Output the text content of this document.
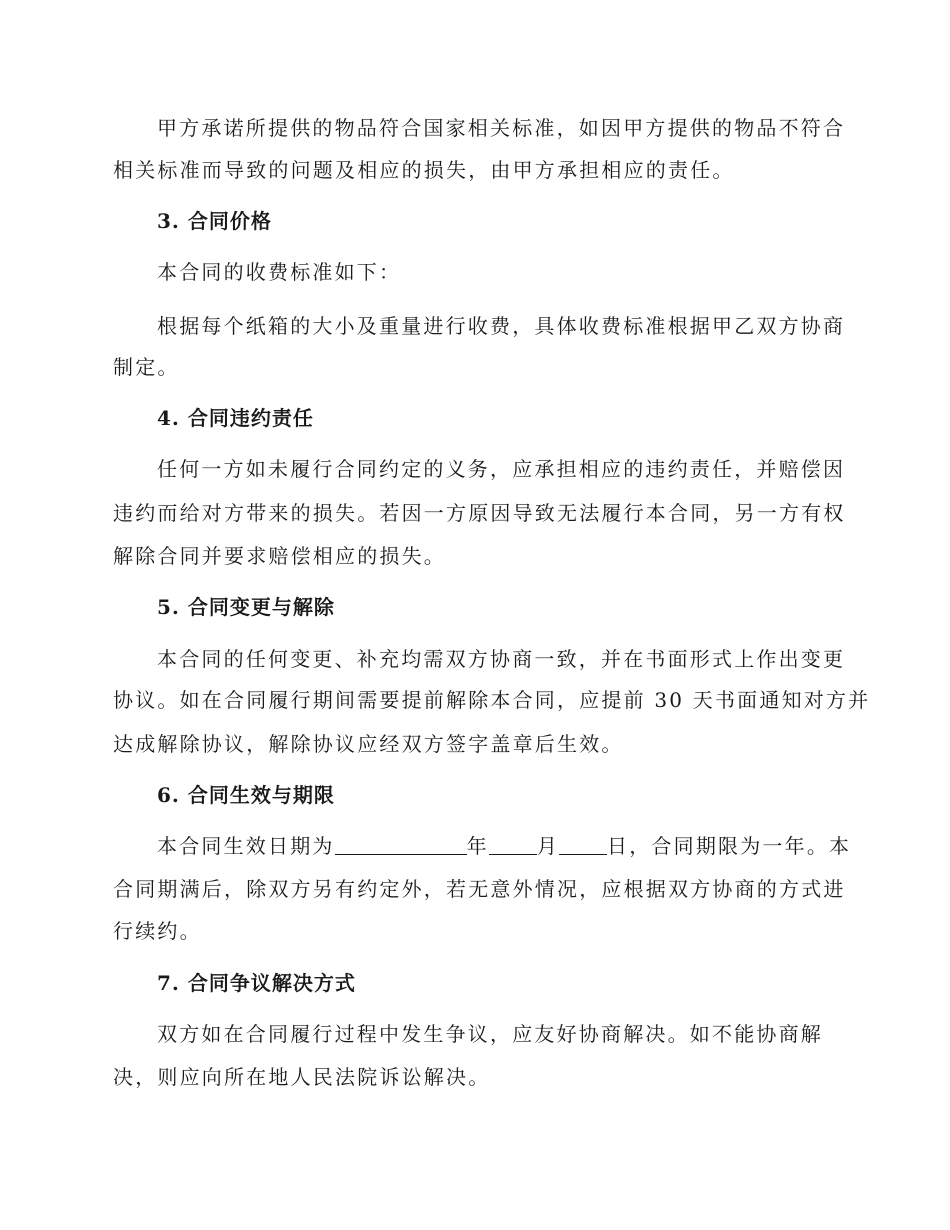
甲方承诺所提供的物品符合国家相关标准，如因甲方提供的物品不符合
相关标准而导致的问题及相应的损失，由甲方承担相应的责任。
3. 合同价格
本合同的收费标准如下：
根据每个纸箱的大小及重量进行收费，具体收费标准根据甲乙双方协商
制定。
4. 合同违约责任
任何一方如未履行合同约定的义务，应承担相应的违约责任，并赔偿因
违约而给对方带来的损失。若因一方原因导致无法履行本合同，另一方有权
解除合同并要求赔偿相应的损失。
5. 合同变更与解除
本合同的任何变更、补充均需双方协商一致，并在书面形式上作出变更
协议。如在合同履行期间需要提前解除本合同，应提前 30 天书面通知对方并
达成解除协议，解除协议应经双方签字盖章后生效。
6. 合同生效与期限
本合同生效日期为	年 月 日，合同期限为一年。本
合同期满后，除双方另有约定外，若无意外情况，应根据双方协商的方式进
行续约。
7. 合同争议解决方式
双方如在合同履行过程中发生争议，应友好协商解决。如不能协商解
决，则应向所在地人民法院诉讼解决。
